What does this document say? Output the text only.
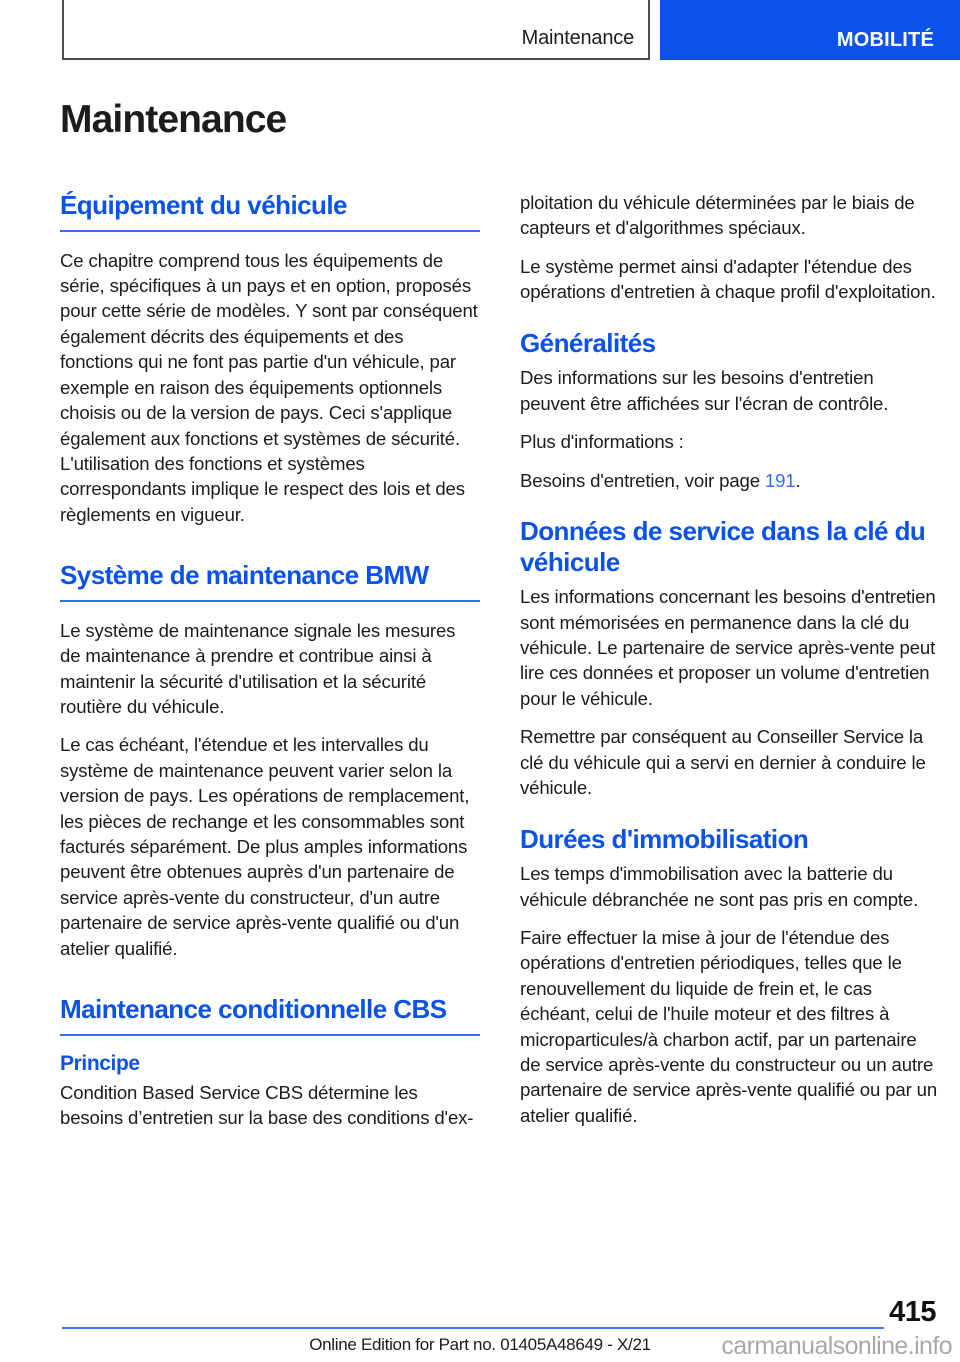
Maintenance	MOBILITÉ
Maintenance
Équipement du véhicule

Ce chapitre comprend tous les équipements de série, spécifiques à un pays et en option, proposés pour cette série de modèles. Y sont par conséquent également décrits des équipements et des fonctions qui ne font pas partie d'un véhicule, par exemple en raison des équipements optionnels choisis ou de la version de pays. Ceci s'applique également aux fonctions et systèmes de sécurité. L'utilisation des fonctions et systèmes correspondants implique le respect des lois et des règlements en vigueur.

Système de maintenance BMW

Le système de maintenance signale les mesures de maintenance à prendre et contribue ainsi à maintenir la sécurité d'utilisation et la sécurité routière du véhicule.

Le cas échéant, l'étendue et les intervalles du système de maintenance peuvent varier selon la version de pays. Les opérations de remplacement, les pièces de rechange et les consommables sont facturés séparément. De plus amples informations peuvent être obtenues auprès d'un partenaire de service après-vente du constructeur, d'un autre partenaire de service après-vente qualifié ou d'un atelier qualifié.

Maintenance conditionnelle CBS
Principe

Condition Based Service CBS détermine les besoins d’entretien sur la base des conditions d'ex-

ploitation du véhicule déterminées par le biais de capteurs et d'algorithmes spéciaux.

Le système permet ainsi d'adapter l'étendue des opérations d'entretien à chaque profil d'exploitation.

Généralités

Des informations sur les besoins d'entretien peuvent être affichées sur l'écran de contrôle.

Plus d'informations :

Besoins d'entretien, voir page 191.

Données de service dans la clé du véhicule

Les informations concernant les besoins d'entretien sont mémorisées en permanence dans la clé du véhicule. Le partenaire de service après-vente peut lire ces données et proposer un volume d'entretien pour le véhicule.

Remettre par conséquent au Conseiller Service la clé du véhicule qui a servi en dernier à conduire le véhicule.

Durées d'immobilisation

Les temps d'immobilisation avec la batterie du véhicule débranchée ne sont pas pris en compte.

Faire effectuer la mise à jour de l'étendue des opérations d'entretien périodiques, telles que le renouvellement du liquide de frein et, le cas échéant, celui de l'huile moteur et des filtres à microparticules/à charbon actif, par un partenaire de service après-vente du constructeur ou un autre partenaire de service après-vente qualifié ou par un atelier qualifié.

415
Online Edition for Part no. 01405A48649 - X/21	carmanualsonline.info
